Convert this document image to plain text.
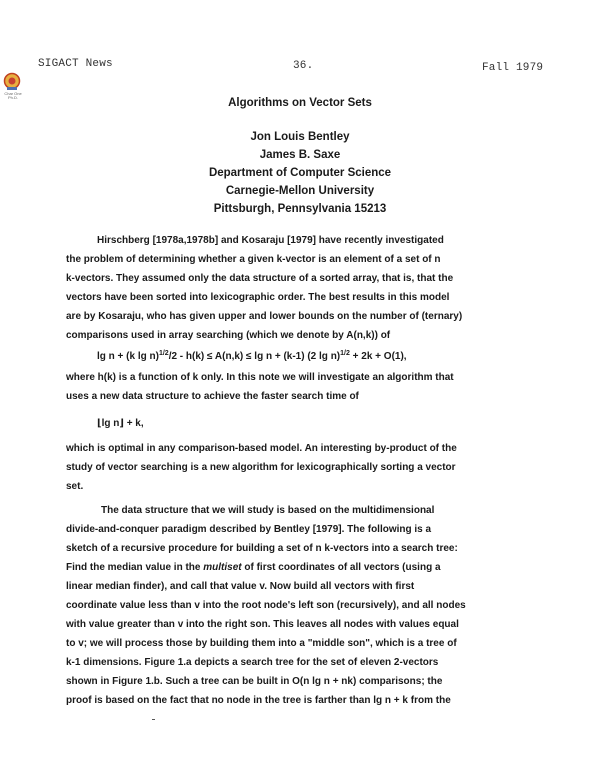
SIGACT News	36.	Fall 1979
Char One Ph.D.	Algorithms on Vector Sets
Jon Louis Bentley
James B. Saxe
Department of Computer Science
Carnegie-Mellon University
Pittsburgh, Pennsylvania 15213
Hirschberg [1978a,1978b] and Kosaraju [1979] have recently investigated
the problem of determining whether a given k-vector is an element of a set of n
k-vectors. They assumed only the data structure of a sorted array, that is, that the
vectors have been sorted into lexicographic order. The best results in this model
are by Kosaraju, who has given upper and lower bounds on the number of (ternary)
comparisons used in array searching (which we denote by A(n,k)) of
lg n + (k lg n)$^{1/2}$/2 - h(k) ≤ A(n,k) ≤ lg n + (k-1) (2 lg n)$^{1/2}$ + 2k + O(1),
where h(k) is a function of k only. In this note we will investigate an algorithm that
uses a new data structure to achieve the faster search time of
⌊lg n⌋ + k,
which is optimal in any comparison-based model. An interesting by-product of the
study of vector searching is a new algorithm for lexicographically sorting a vector
set.
The data structure that we will study is based on the multidimensional
divide-and-conquer paradigm described by Bentley [1979]. The following is a
sketch of a recursive procedure for building a set of n k-vectors into a search tree:
Find the median value in the multiset of first coordinates of all vectors (using a
linear median finder), and call that value v. Now build all vectors with first
coordinate value less than v into the root node's left son (recursively), and all nodes
with value greater than v into the right son. This leaves all nodes with values equal
to v; we will process those by building them into a "middle son", which is a tree of
k-1 dimensions. Figure 1.a depicts a search tree for the set of eleven 2-vectors
shown in Figure 1.b. Such a tree can be built in O(n lg n + nk) comparisons; the
proof is based on the fact that no node in the tree is farther than lg n + k from the
